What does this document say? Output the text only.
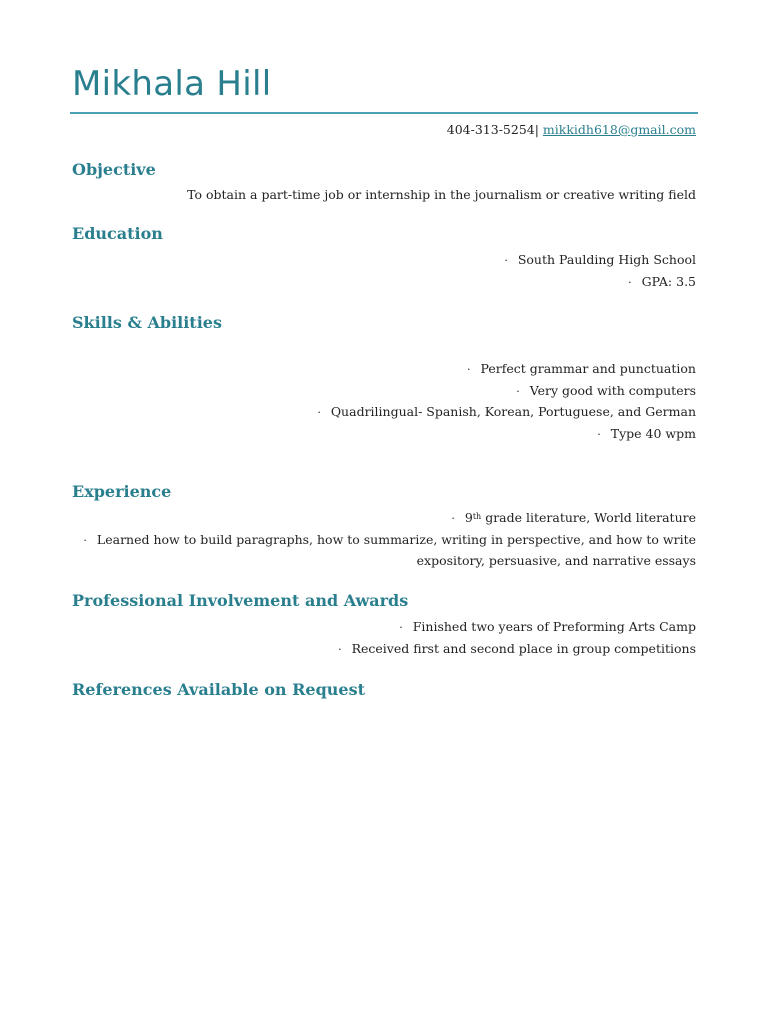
Mikhala Hill
404-313-5254| mikkidh618@gmail.com
Objective
To obtain a part-time job or internship in the journalism or creative writing field
Education
· South Paulding High School
· GPA: 3.5
Skills & Abilities
· Perfect grammar and punctuation
· Very good with computers
· Quadrilingual- Spanish, Korean, Portuguese, and German
· Type 40 wpm
Experience
· 9th grade literature, World literature
· Learned how to build paragraphs, how to summarize, writing in perspective, and how to write
expository, persuasive, and narrative essays
Professional Involvement and Awards
· Finished two years of Preforming Arts Camp
· Received first and second place in group competitions
References Available on Request
